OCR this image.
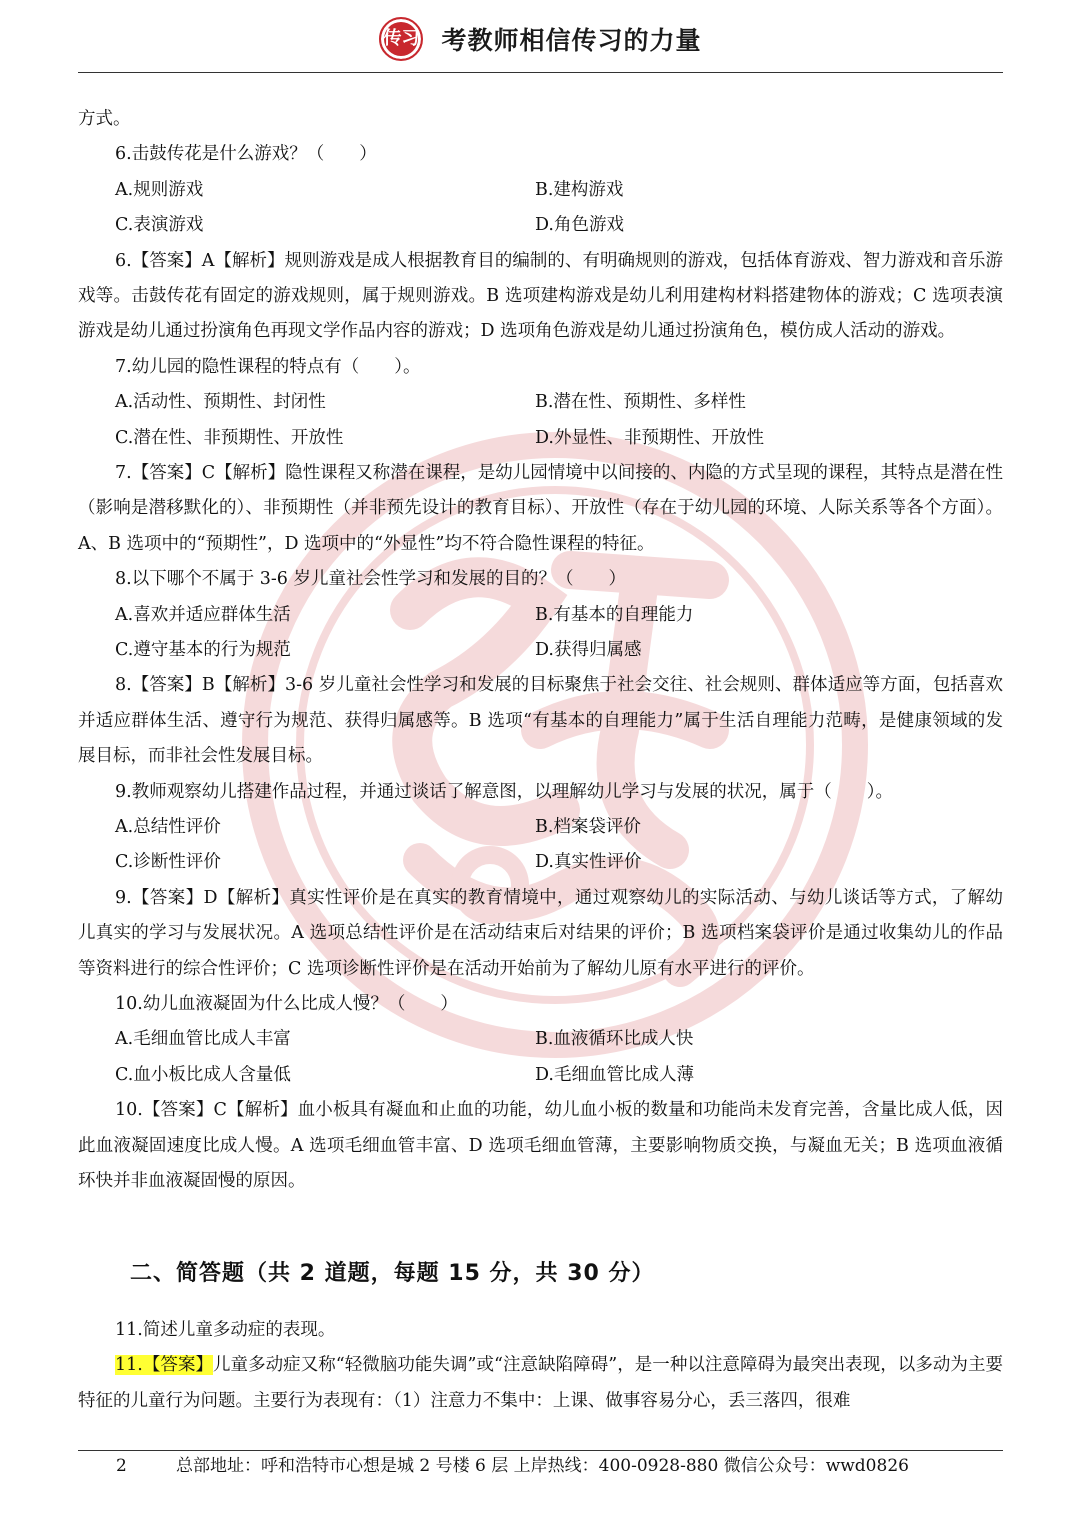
传习 考教师相信传习的力量
方式。
6.击鼓传花是什么游戏？（　　）
A.规则游戏	B.建构游戏
C.表演游戏	D.角色游戏
6.【答案】A【解析】规则游戏是成人根据教育目的编制的、有明确规则的游戏，包括体育游戏、智力游戏和音乐游戏等。击鼓传花有固定的游戏规则，属于规则游戏。B 选项建构游戏是幼儿利用建构材料搭建物体的游戏；C 选项表演游戏是幼儿通过扮演角色再现文学作品内容的游戏；D 选项角色游戏是幼儿通过扮演角色，模仿成人活动的游戏。
7.幼儿园的隐性课程的特点有（　　）。
A.活动性、预期性、封闭性	B.潜在性、预期性、多样性
C.潜在性、非预期性、开放性	D.外显性、非预期性、开放性
7.【答案】C【解析】隐性课程又称潜在课程，是幼儿园情境中以间接的、内隐的方式呈现的课程，其特点是潜在性（影响是潜移默化的）、非预期性（并非预先设计的教育目标）、开放性（存在于幼儿园的环境、人际关系等各个方面）。A、B 选项中的“预期性”，D 选项中的“外显性”均不符合隐性课程的特征。
8.以下哪个不属于 3-6 岁儿童社会性学习和发展的目的？（　　）
A.喜欢并适应群体生活	B.有基本的自理能力
C.遵守基本的行为规范	D.获得归属感
8.【答案】B【解析】3-6 岁儿童社会性学习和发展的目标聚焦于社会交往、社会规则、群体适应等方面，包括喜欢并适应群体生活、遵守行为规范、获得归属感等。B 选项“有基本的自理能力”属于生活自理能力范畴，是健康领域的发展目标，而非社会性发展目标。
9.教师观察幼儿搭建作品过程，并通过谈话了解意图，以理解幼儿学习与发展的状况，属于（　　）。
A.总结性评价	B.档案袋评价
C.诊断性评价	D.真实性评价
9.【答案】D【解析】真实性评价是在真实的教育情境中，通过观察幼儿的实际活动、与幼儿谈话等方式，了解幼儿真实的学习与发展状况。A 选项总结性评价是在活动结束后对结果的评价；B 选项档案袋评价是通过收集幼儿的作品等资料进行的综合性评价；C 选项诊断性评价是在活动开始前为了解幼儿原有水平进行的评价。
10.幼儿血液凝固为什么比成人慢？（　　）
A.毛细血管比成人丰富	B.血液循环比成人快
C.血小板比成人含量低	D.毛细血管比成人薄
10.【答案】C【解析】血小板具有凝血和止血的功能，幼儿血小板的数量和功能尚未发育完善，含量比成人低，因此血液凝固速度比成人慢。A 选项毛细血管丰富、D 选项毛细血管薄，主要影响物质交换，与凝血无关；B 选项血液循环快并非血液凝固慢的原因。
二、简答题（共 2 道题，每题 15 分，共 30 分）
11.简述儿童多动症的表现。
11.【答案】儿童多动症又称“轻微脑功能失调”或“注意缺陷障碍”，是一种以注意障碍为最突出表现，以多动为主要特征的儿童行为问题。主要行为表现有：（1）注意力不集中：上课、做事容易分心，丢三落四，很难
2	总部地址：呼和浩特市心想是城 2 号楼 6 层 上岸热线：400-0928-880 微信公众号：wwd0826
